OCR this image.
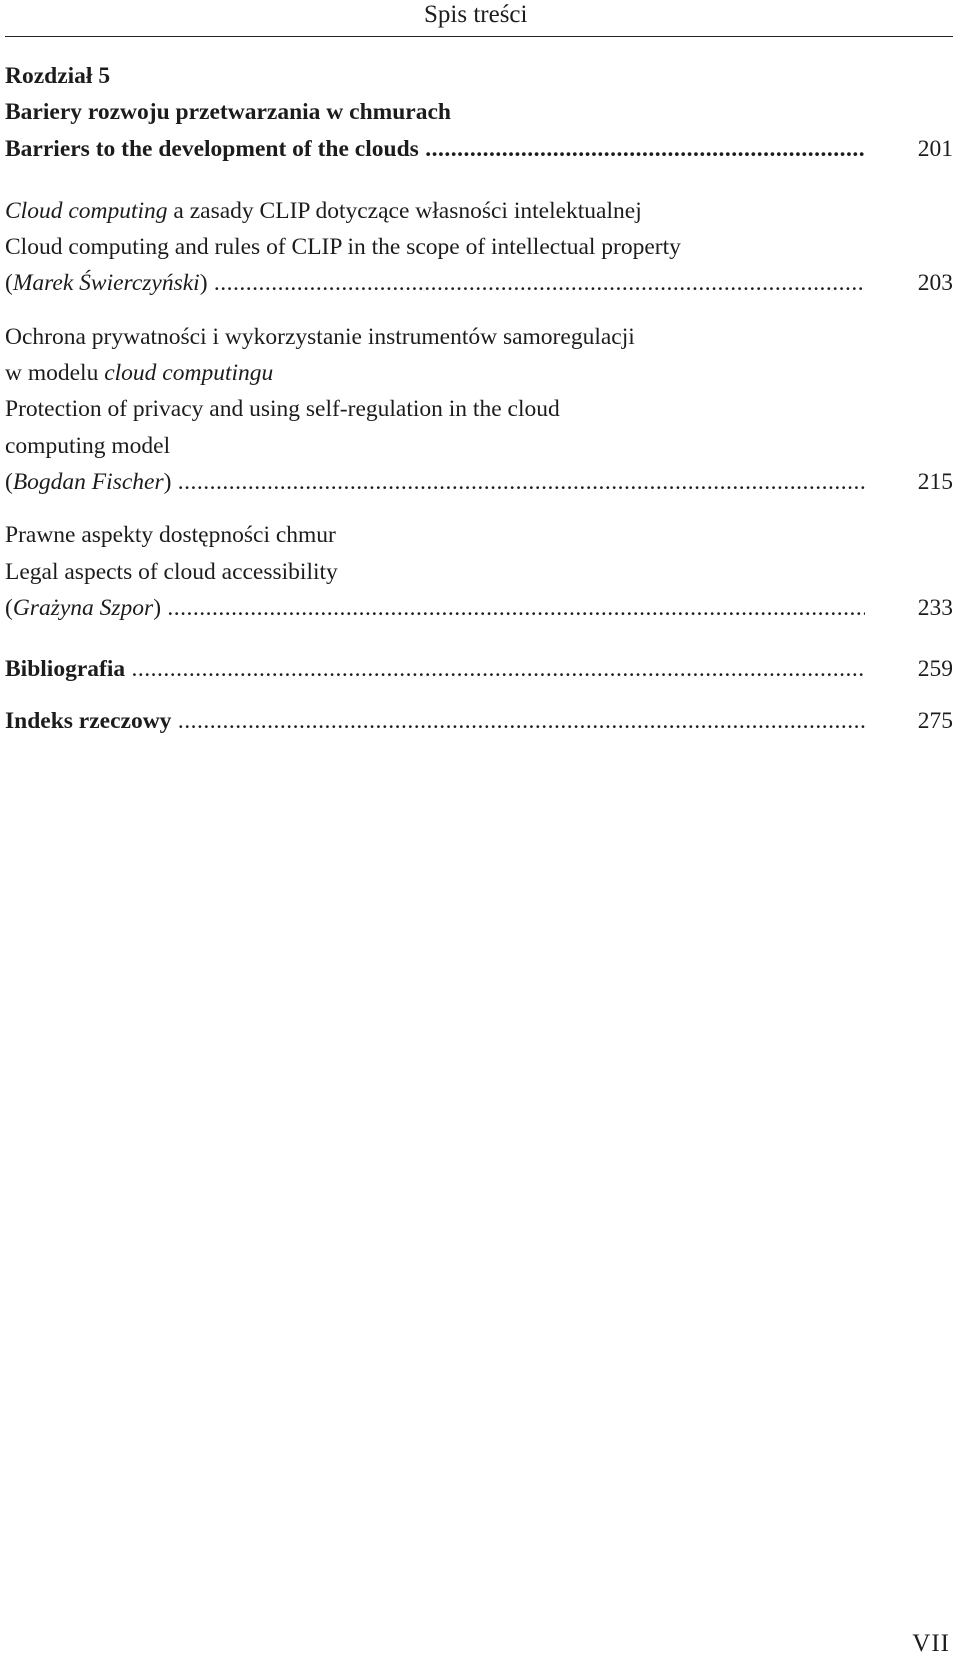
Spis treści
Rozdział 5
Bariery rozwoju przetwarzania w chmurach
Barriers to the development of the clouds .....	201
Cloud computing a zasady CLIP dotyczące własności intelektualnej
Cloud computing and rules of CLIP in the scope of intellectual property
(Marek Świerczyński) .....	203
Ochrona prywatności i wykorzystanie instrumentów samoregulacji
w modelu cloud computingu
Protection of privacy and using self-regulation in the cloud
computing model
(Bogdan Fischer) .....	215
Prawne aspekty dostępności chmur
Legal aspects of cloud accessibility
(Grażyna Szpor) .....	233
Bibliografia .....	259
Indeks rzeczowy .....	275
VII
